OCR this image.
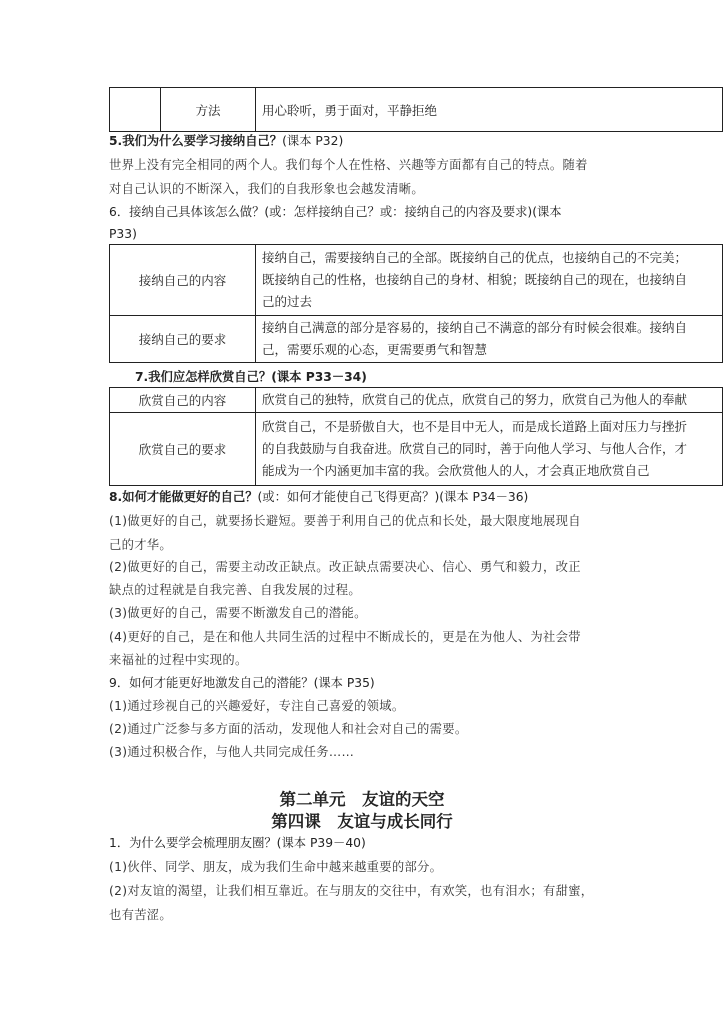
	方法	用心聆听，勇于面对，平静拒绝
5.我们为什么要学习接纳自己？(课本 P32)
世界上没有完全相同的两个人。我们每个人在性格、兴趣等方面都有自己的特点。随着
对自己认识的不断深入，我们的自我形象也会越发清晰。
6．接纳自己具体该怎么做？(或：怎样接纳自己？或：接纳自己的内容及要求)(课本
P33)
接纳自己的内容	接纳自己，需要接纳自己的全部。既接纳自己的优点，也接纳自己的不完美；
既接纳自己的性格，也接纳自己的身材、相貌；既接纳自己的现在，也接纳自
己的过去

接纳自己的要求	接纳自己满意的部分是容易的，接纳自己不满意的部分有时候会很难。接纳自
己，需要乐观的心态，更需要勇气和智慧
7.我们应怎样欣赏自己？(课本 P33－34)
欣赏自己的内容	欣赏自己的独特，欣赏自己的优点，欣赏自己的努力，欣赏自己为他人的奉献

欣赏自己的要求	欣赏自己，不是骄傲自大，也不是目中无人，而是成长道路上面对压力与挫折
的自我鼓励与自我奋进。欣赏自己的同时，善于向他人学习、与他人合作，才
能成为一个内涵更加丰富的我。会欣赏他人的人，才会真正地欣赏自己
8.如何才能做更好的自己？(或：如何才能使自己飞得更高？)(课本 P34－36)
(1)做更好的自己，就要扬长避短。要善于利用自己的优点和长处，最大限度地展现自
己的才华。
(2)做更好的自己，需要主动改正缺点。改正缺点需要决心、信心、勇气和毅力，改正
缺点的过程就是自我完善、自我发展的过程。
(3)做更好的自己，需要不断激发自己的潜能。
(4)更好的自己，是在和他人共同生活的过程中不断成长的，更是在为他人、为社会带
来福祉的过程中实现的。
9．如何才能更好地激发自己的潜能？(课本 P35)
(1)通过珍视自己的兴趣爱好，专注自己喜爱的领域。
(2)通过广泛参与多方面的活动，发现他人和社会对自己的需要。
(3)通过积极合作，与他人共同完成任务……
第二单元　友谊的天空
第四课　友谊与成长同行
1．为什么要学会梳理朋友圈？(课本 P39－40)
(1)伙伴、同学、朋友，成为我们生命中越来越重要的部分。
(2)对友谊的渴望，让我们相互靠近。在与朋友的交往中，有欢笑，也有泪水；有甜蜜，
也有苦涩。
